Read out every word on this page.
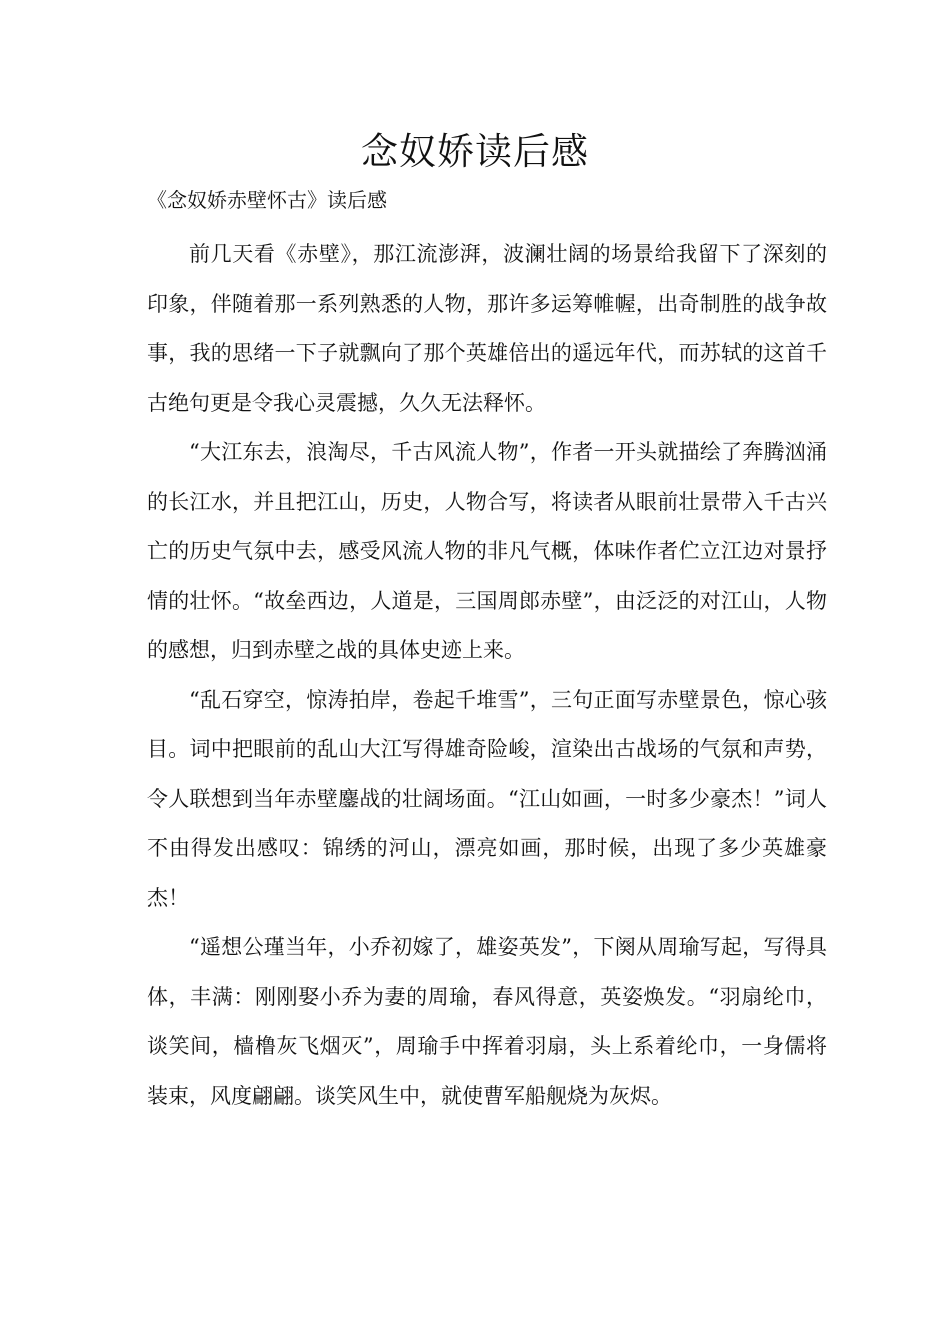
念奴娇读后感
《念奴娇赤壁怀古》读后感

前几天看《赤壁》，那江流澎湃，波澜壮阔的场景给我留下了深刻的印象，伴随着那一系列熟悉的人物，那许多运筹帷幄，出奇制胜的战争故事，我的思绪一下子就飘向了那个英雄倍出的遥远年代，而苏轼的这首千古绝句更是令我心灵震撼，久久无法释怀。

“大江东去，浪淘尽，千古风流人物”，作者一开头就描绘了奔腾汹涌的长江水，并且把江山，历史，人物合写，将读者从眼前壮景带入千古兴亡的历史气氛中去，感受风流人物的非凡气概，体味作者伫立江边对景抒情的壮怀。“故垒西边，人道是，三国周郎赤壁”，由泛泛的对江山，人物的感想，归到赤壁之战的具体史迹上来。

“乱石穿空，惊涛拍岸，卷起千堆雪”，三句正面写赤壁景色，惊心骇目。词中把眼前的乱山大江写得雄奇险峻，渲染出古战场的气氛和声势，令人联想到当年赤壁鏖战的壮阔场面。“江山如画，一时多少豪杰！”词人不由得发出感叹：锦绣的河山，漂亮如画，那时候，出现了多少英雄豪杰！

“遥想公瑾当年，小乔初嫁了，雄姿英发”，下阕从周瑜写起，写得具体，丰满：刚刚娶小乔为妻的周瑜，春风得意，英姿焕发。“羽扇纶巾，谈笑间，樯橹灰飞烟灭”，周瑜手中挥着羽扇，头上系着纶巾，一身儒将装束，风度翩翩。谈笑风生中，就使曹军船舰烧为灰烬。
